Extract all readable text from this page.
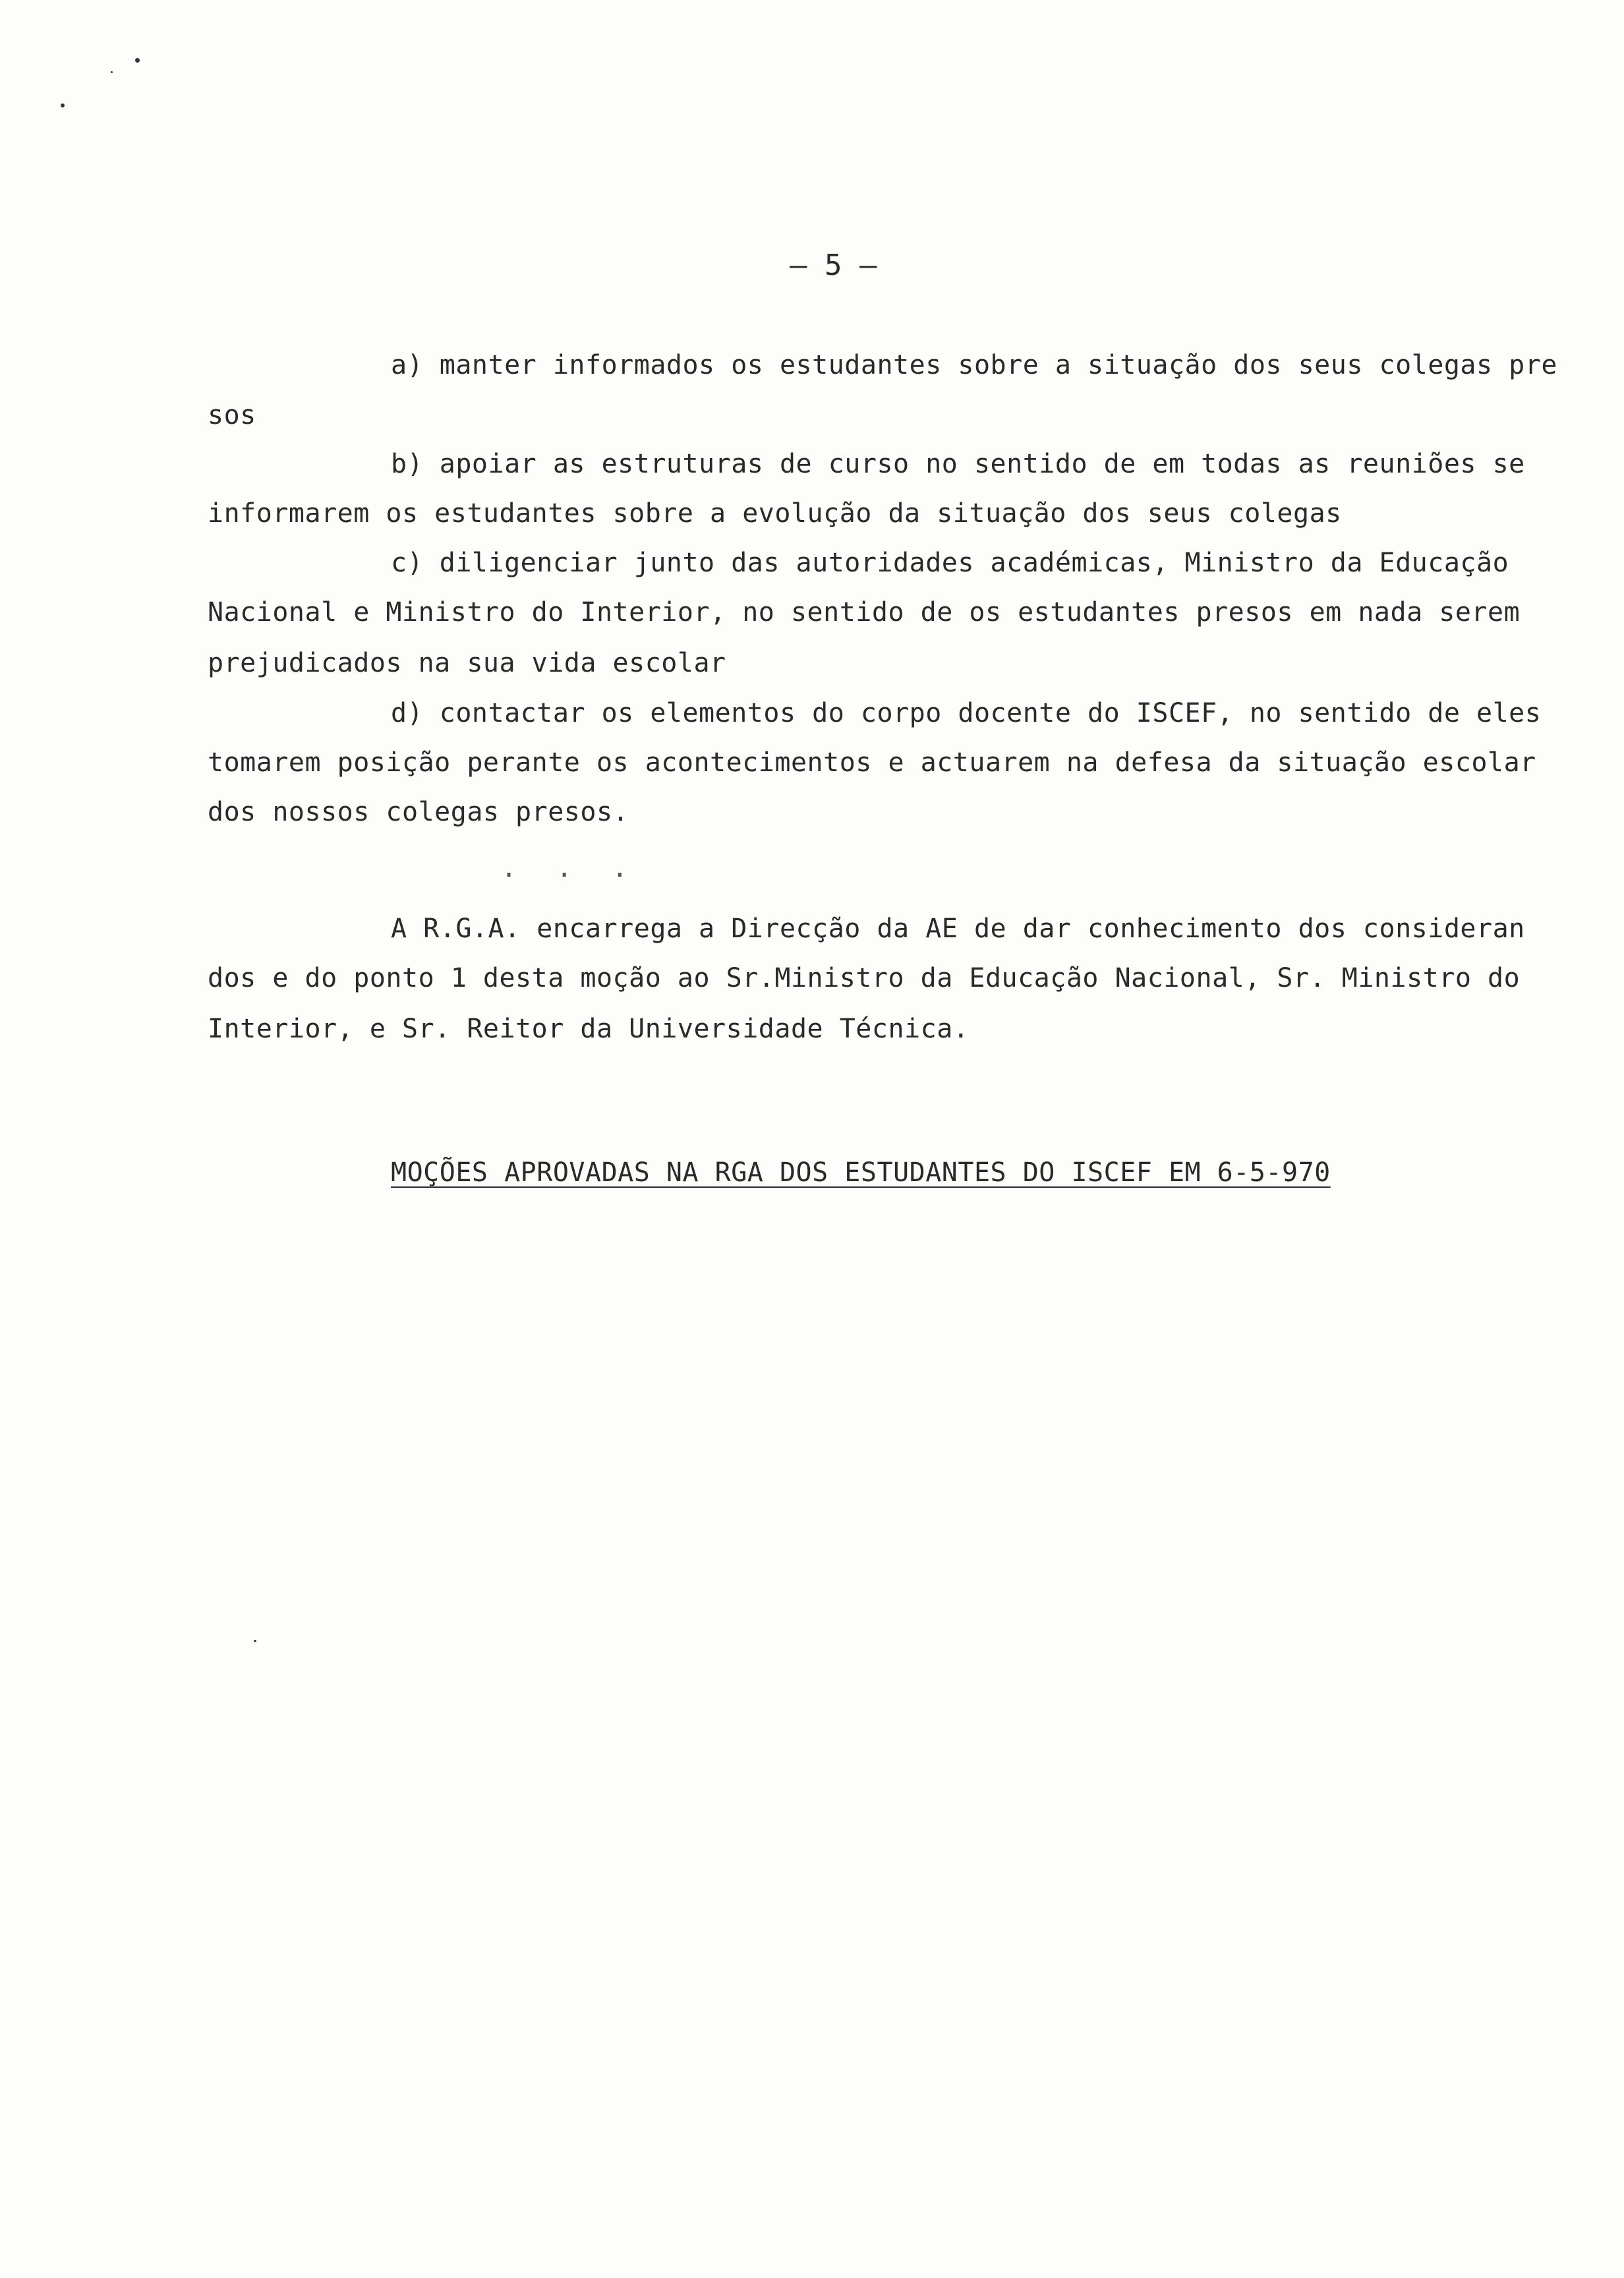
– 5 –
a) manter informados os estudantes sobre a situação dos seus colegas pre
sos
b) apoiar as estruturas de curso no sentido de em todas as reuniões se
informarem os estudantes sobre a evolução da situação dos seus colegas
c) diligenciar junto das autoridades académicas, Ministro da Educação
Nacional e Ministro do Interior, no sentido de os estudantes presos em nada serem
prejudicados na sua vida escolar
d) contactar os elementos do corpo docente do ISCEF, no sentido de eles
tomarem posição perante os acontecimentos e actuarem na defesa da situação escolar
dos nossos colegas presos.
· · ·
A R.G.A. encarrega a Direcção da AE de dar conhecimento dos consideran
dos e do ponto 1 desta moção ao Sr.Ministro da Educação Nacional, Sr. Ministro do
Interior, e Sr. Reitor da Universidade Técnica.
MOÇÕES APROVADAS NA RGA DOS ESTUDANTES DO ISCEF EM 6-5-970
